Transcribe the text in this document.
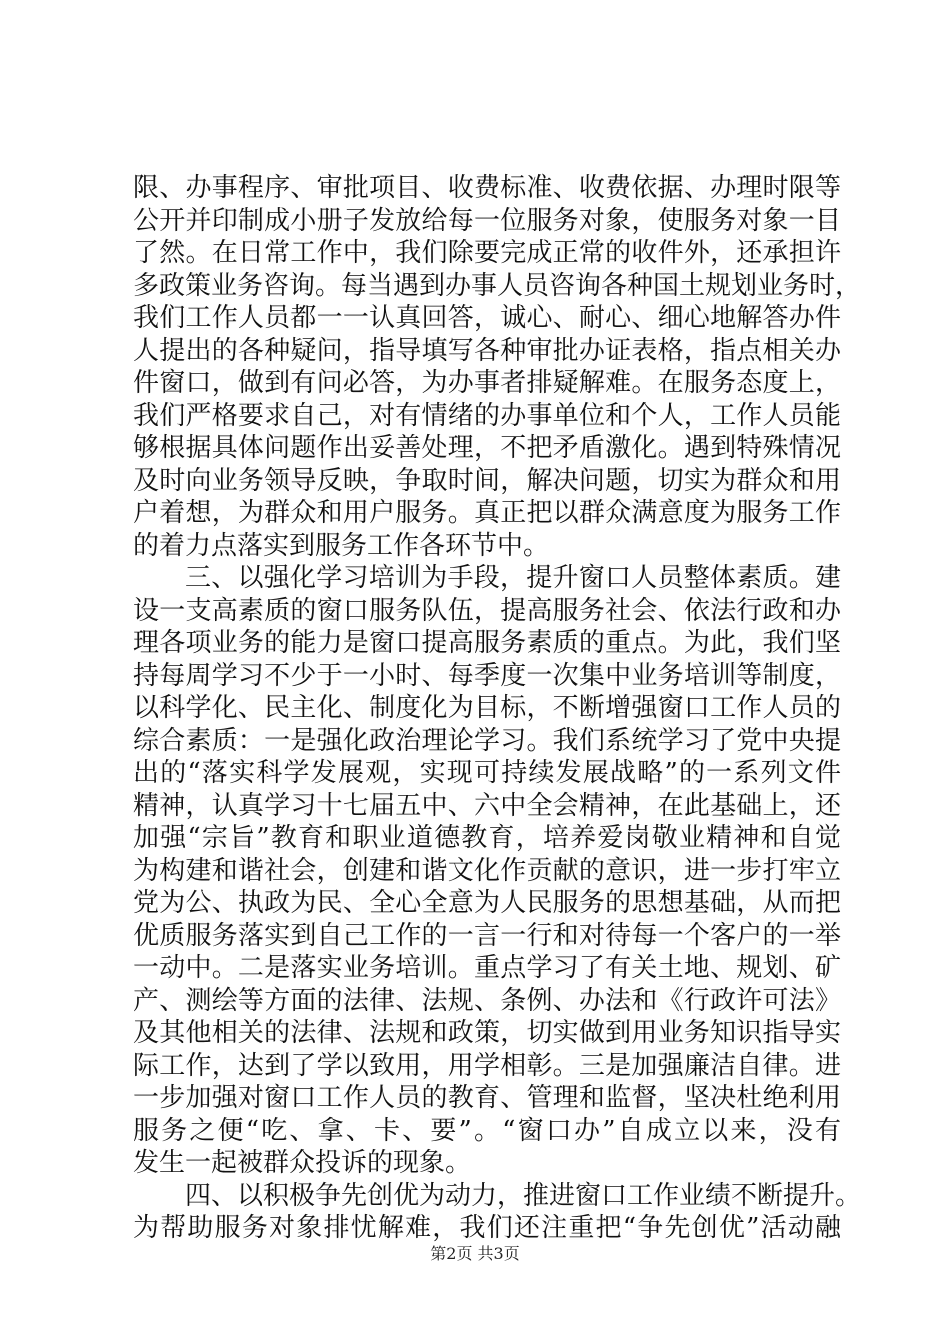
限、办事程序、审批项目、收费标准、收费依据、办理时限等
公开并印制成小册子发放给每一位服务对象，使服务对象一目
了然。在日常工作中，我们除要完成正常的收件外，还承担许
多政策业务咨询。每当遇到办事人员咨询各种国土规划业务时，
我们工作人员都一一认真回答，诚心、耐心、细心地解答办件
人提出的各种疑问，指导填写各种审批办证表格，指点相关办
件窗口，做到有问必答，为办事者排疑解难。在服务态度上，
我们严格要求自己，对有情绪的办事单位和个人，工作人员能
够根据具体问题作出妥善处理，不把矛盾激化。遇到特殊情况
及时向业务领导反映，争取时间，解决问题，切实为群众和用
户着想，为群众和用户服务。真正把以群众满意度为服务工作
的着力点落实到服务工作各环节中。
三、以强化学习培训为手段，提升窗口人员整体素质。建
设一支高素质的窗口服务队伍，提高服务社会、依法行政和办
理各项业务的能力是窗口提高服务素质的重点。为此，我们坚
持每周学习不少于一小时、每季度一次集中业务培训等制度，
以科学化、民主化、制度化为目标，不断增强窗口工作人员的
综合素质：一是强化政治理论学习。我们系统学习了党中央提
出的“落实科学发展观，实现可持续发展战略”的一系列文件
精神，认真学习十七届五中、六中全会精神，在此基础上，还
加强“宗旨”教育和职业道德教育，培养爱岗敬业精神和自觉
为构建和谐社会，创建和谐文化作贡献的意识，进一步打牢立
党为公、执政为民、全心全意为人民服务的思想基础，从而把
优质服务落实到自己工作的一言一行和对待每一个客户的一举
一动中。二是落实业务培训。重点学习了有关土地、规划、矿
产、测绘等方面的法律、法规、条例、办法和《行政许可法》
及其他相关的法律、法规和政策，切实做到用业务知识指导实
际工作，达到了学以致用，用学相彰。三是加强廉洁自律。进
一步加强对窗口工作人员的教育、管理和监督，坚决杜绝利用
服务之便“吃、拿、卡、要”。“窗口办”自成立以来，没有
发生一起被群众投诉的现象。
四、以积极争先创优为动力，推进窗口工作业绩不断提升。
为帮助服务对象排忧解难，我们还注重把“争先创优”活动融
第2页 共3页
